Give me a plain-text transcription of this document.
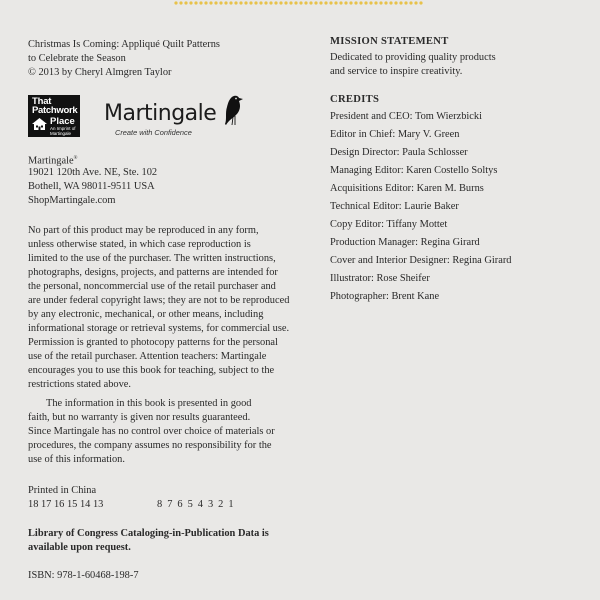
Christmas Is Coming: Appliqué Quilt Patterns
to Celebrate the Season
© 2013 by Cheryl Almgren Taylor
That
Patchwork
Place
An Imprint of Martingale
Martingale
Create with Confidence
Martingale®
19021 120th Ave. NE, Ste. 102
Bothell, WA 98011-9511 USA
ShopMartingale.com
No part of this product may be reproduced in any form,
unless otherwise stated, in which case reproduction is
limited to the use of the purchaser. The written instructions,
photographs, designs, projects, and patterns are intended for
the personal, noncommercial use of the retail purchaser and
are under federal copyright laws; they are not to be reproduced
by any electronic, mechanical, or other means, including
informational storage or retrieval systems, for commercial use.
Permission is granted to photocopy patterns for the personal
use of the retail purchaser. Attention teachers: Martingale
encourages you to use this book for teaching, subject to the
restrictions stated above.
The information in this book is presented in good
faith, but no warranty is given nor results guaranteed.
Since Martingale has no control over choice of materials or
procedures, the company assumes no responsibility for the
use of this information.
Printed in China
18 17 16 15 14 13	8 7 6 5 4 3 2 1
Library of Congress Cataloging-in-Publication Data is
available upon request.
ISBN: 978-1-60468-198-7
MISSION STATEMENT
Dedicated to providing quality products
and service to inspire creativity.
CREDITS
President and CEO: Tom Wierzbicki
Editor in Chief: Mary V. Green
Design Director: Paula Schlosser
Managing Editor: Karen Costello Soltys
Acquisitions Editor: Karen M. Burns
Technical Editor: Laurie Baker
Copy Editor: Tiffany Mottet
Production Manager: Regina Girard
Cover and Interior Designer: Regina Girard
Illustrator: Rose Sheifer
Photographer: Brent Kane
